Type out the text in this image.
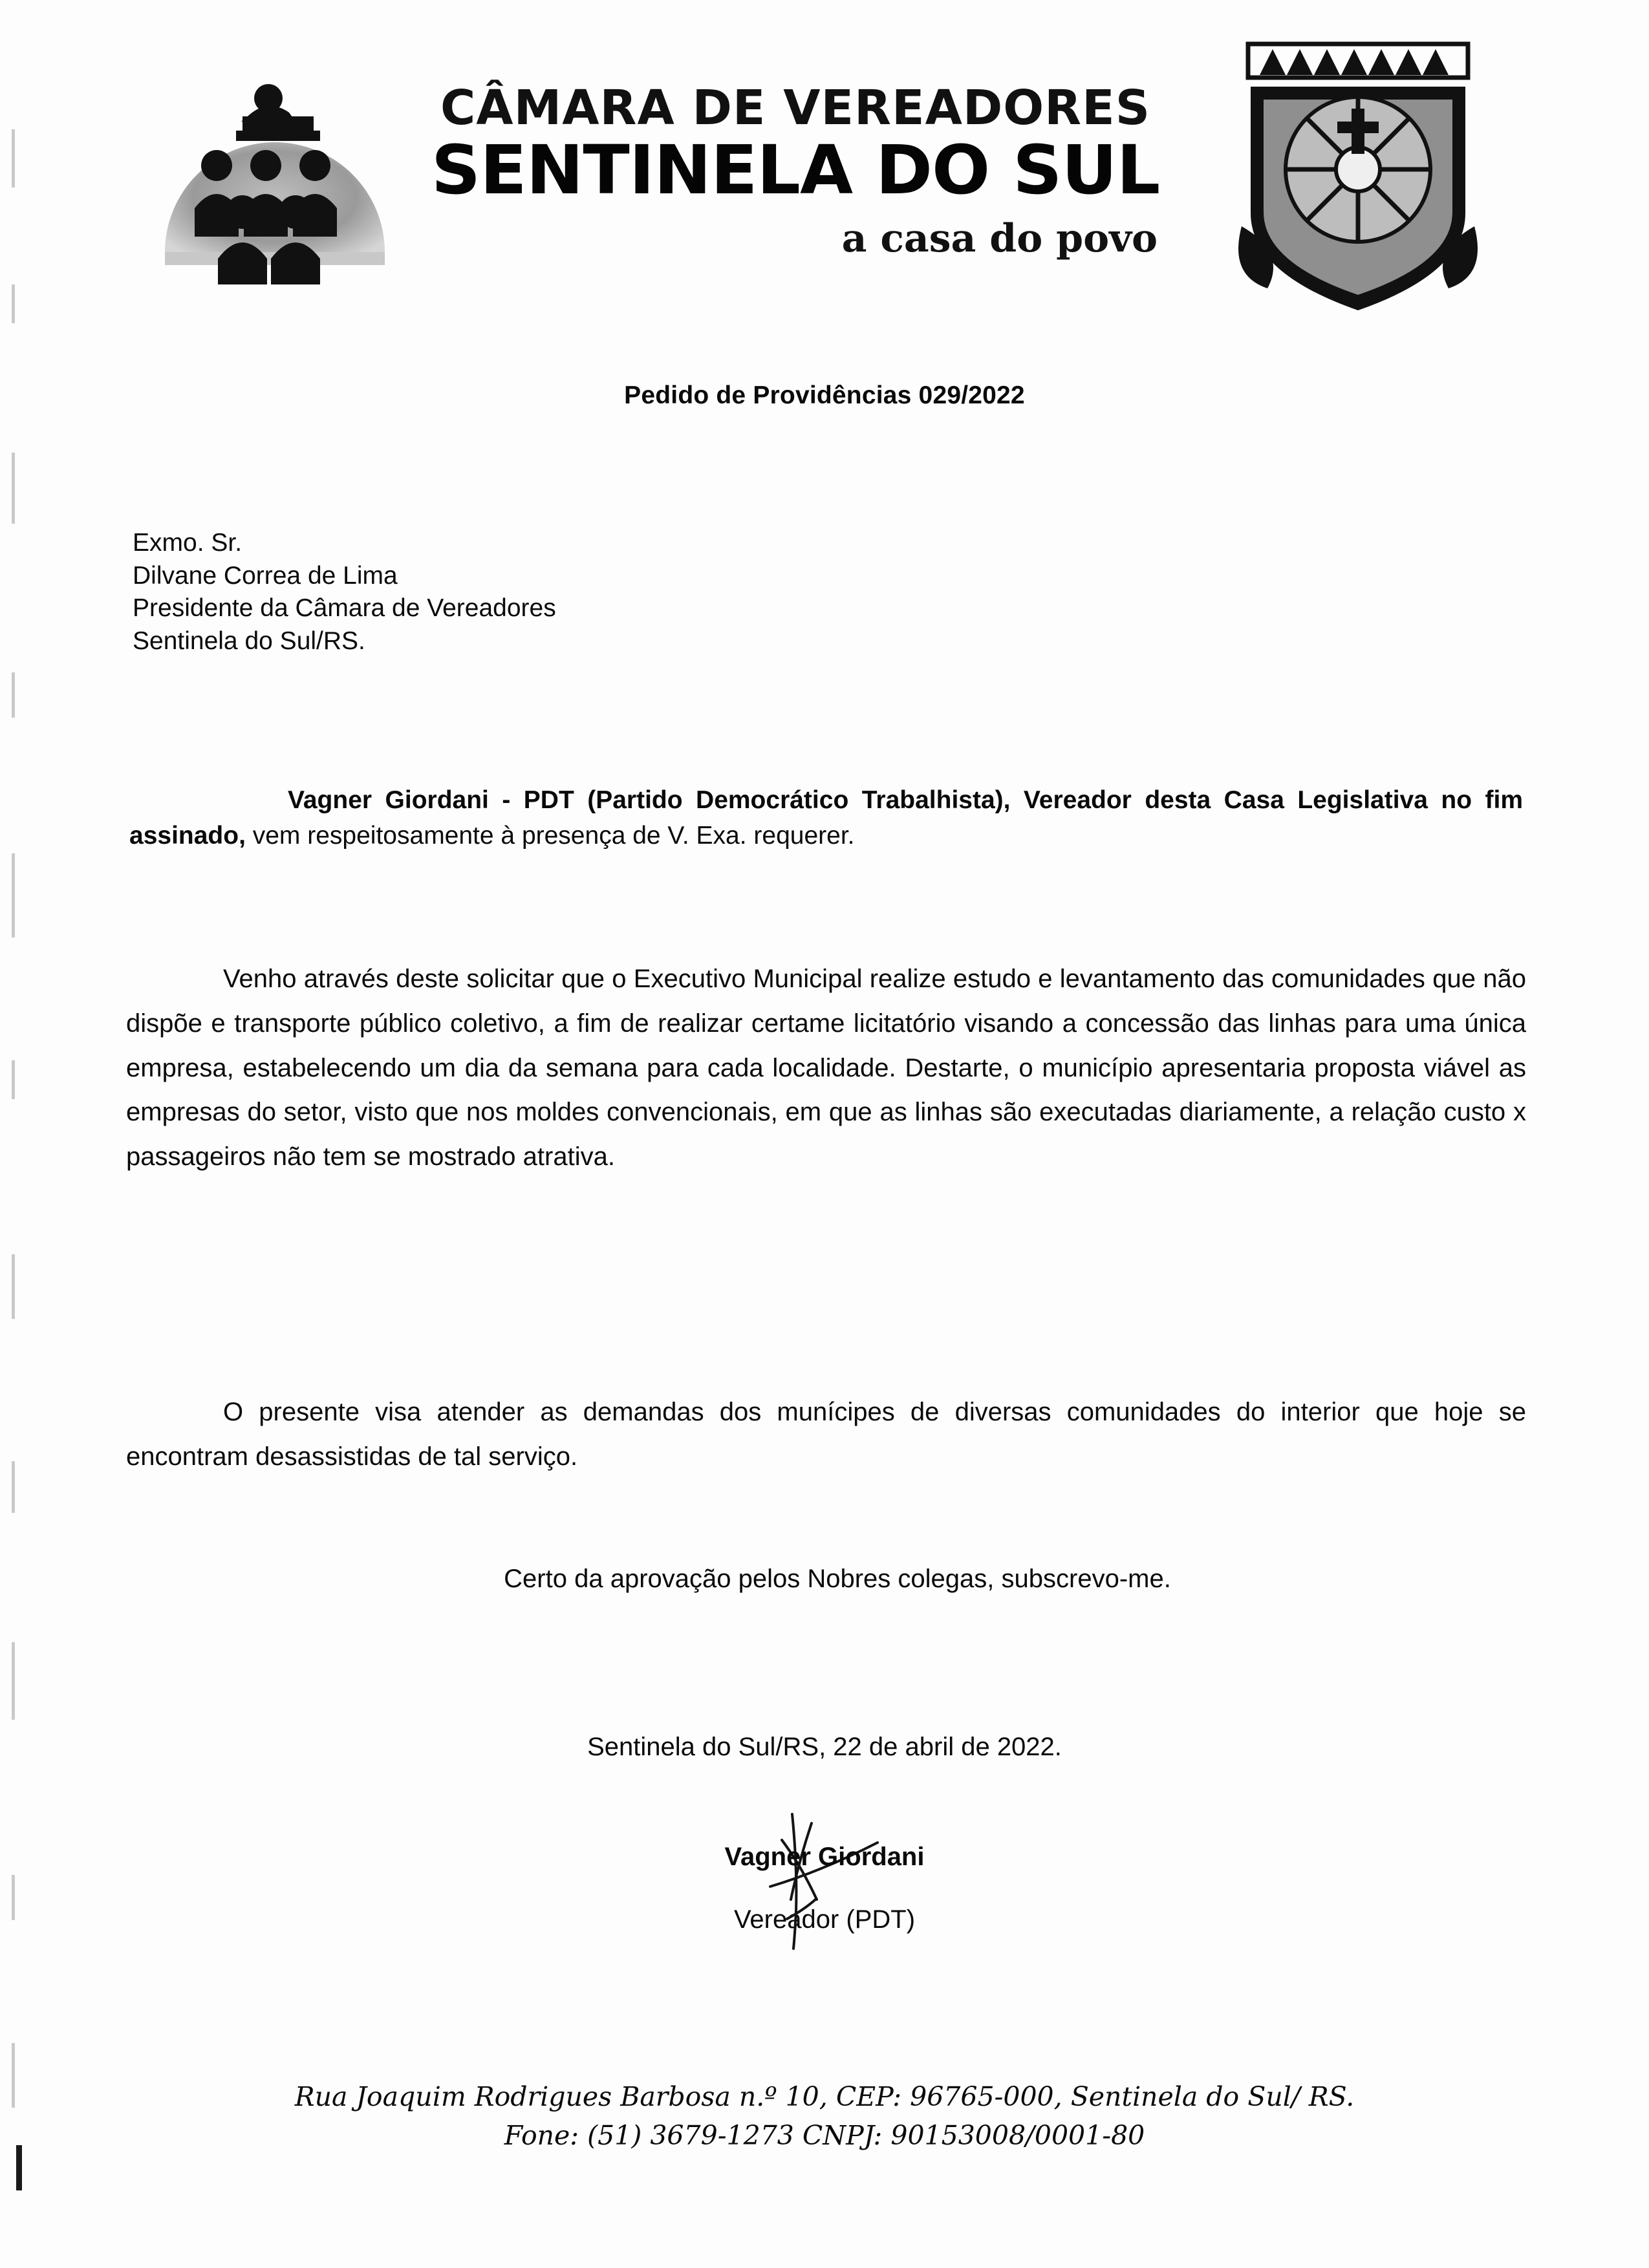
CÂMARA DE VEREADORES
SENTINELA DO SUL
a casa do povo
Pedido de Providências 029/2022
Exmo. Sr.
Dilvane Correa de Lima
Presidente da Câmara de Vereadores
Sentinela do Sul/RS.
Vagner Giordani - PDT (Partido Democrático Trabalhista), Vereador desta Casa Legislativa no fim assinado, vem respeitosamente à presença de V. Exa. requerer.
Venho através deste solicitar que o Executivo Municipal realize estudo e levantamento das comunidades que não dispõe e transporte público coletivo, a fim de realizar certame licitatório visando a concessão das linhas para uma única empresa, estabelecendo um dia da semana para cada localidade. Destarte, o município apresentaria proposta viável as empresas do setor, visto que nos moldes convencionais, em que as linhas são executadas diariamente, a relação custo x passageiros não tem se mostrado atrativa.
O presente visa atender as demandas dos munícipes de diversas comunidades do interior que hoje se encontram desassistidas de tal serviço.
Certo da aprovação pelos Nobres colegas, subscrevo-me.
Sentinela do Sul/RS, 22 de abril de 2022.
Vagner Giordani
Vereador (PDT)
Rua Joaquim Rodrigues Barbosa n.º 10, CEP: 96765-000, Sentinela do Sul/ RS.
Fone: (51) 3679-1273 CNPJ: 90153008/0001-80
